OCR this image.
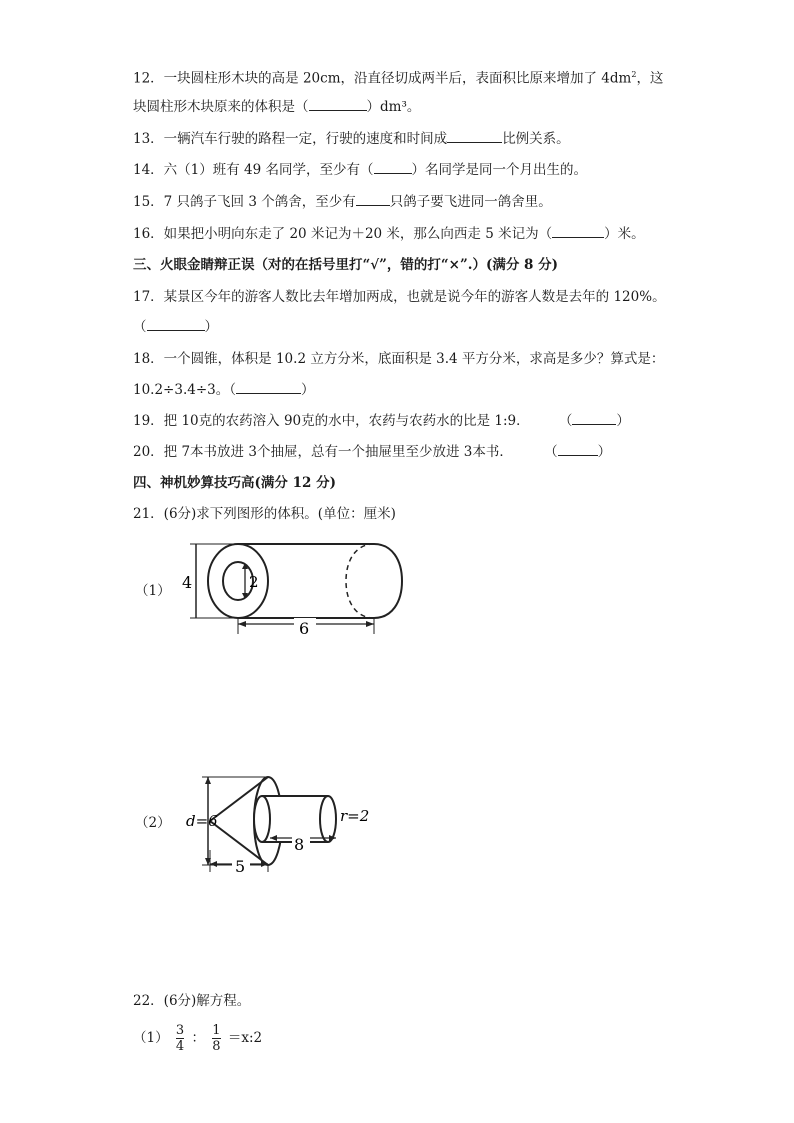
12．一块圆柱形木块的高是 20cm，沿直径切成两半后，表面积比原来增加了 $4dm^2$，这
块圆柱形木块原来的体积是（	）dm³。
13．一辆汽车行驶的路程一定，行驶的速度和时间成	比例关系。
14．六（1）班有 49 名同学，至少有（	）名同学是同一个月出生的。
15．7 只鸽子飞回 3 个鸽舍，至少有	只鸽子要飞进同一鸽舍里。
16．如果把小明向东走了 20 米记为＋20 米，那么向西走 5 米记为（	）米。
三、火眼金睛辩正误（对的在括号里打“√”，错的打“×”.）(满分 8 分)
17．某景区今年的游客人数比去年增加两成，也就是说今年的游客人数是去年的 120%。
（	）
18．一个圆锥，体积是 10.2 立方分米，底面积是 3.4 平方分米，求高是多少？算式是：
10.2÷3.4÷3。（	）
19．把 10克的农药溶入 90克的水中，农药与农药水的比是 1:9．	（	）
20．把 7本书放进 3个抽屉，总有一个抽屉里至少放进 3本书．	（	）
四、神机妙算技巧高(满分 12 分)
21．(6分)求下列图形的体积。(单位：厘米)
（1） 4	2
6
（2） d=6
5
8
r=2
22．(6分)解方程。
$(1) \frac{3}{4}$ ： $\frac{1}{8}$ ＝x:2
